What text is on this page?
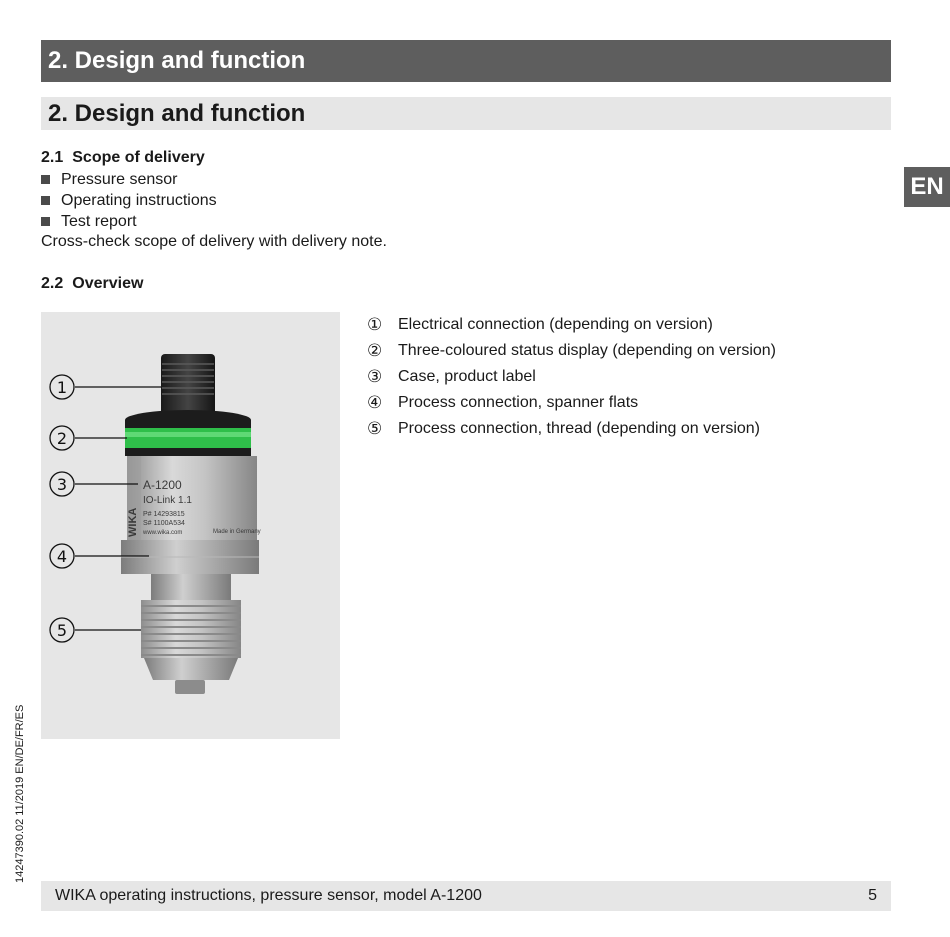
2. Design and function
2. Design and function
EN
2.1 Scope of delivery
Pressure sensor
Operating instructions
Test report
Cross-check scope of delivery with delivery note.
2.2 Overview
WIKA
A-1200
IO-Link 1.1
P# 14293815
S# 1100A534
www.wika.com	Made in Germany
1
2
3
4
5
① Electrical connection (depending on version)
② Three-coloured status display (depending on version)
③ Case, product label
④ Process connection, spanner flats
⑤ Process connection, thread (depending on version)
14247390.02 11/2019 EN/DE/FR/ES
WIKA operating instructions, pressure sensor, model A-1200	5
